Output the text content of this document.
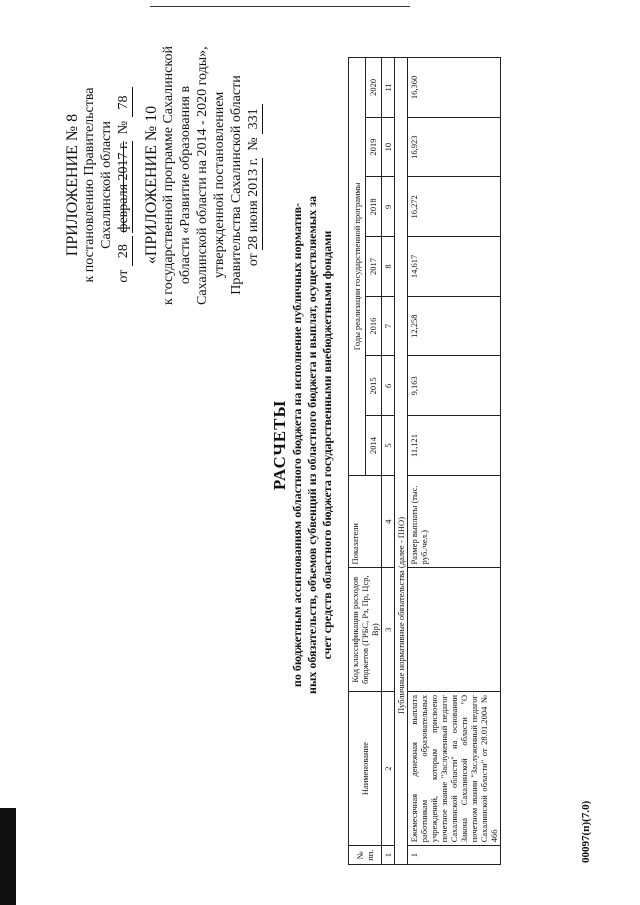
ПРИЛОЖЕНИЕ № 8 к постановлению Правительства Сахалинской области
от 28 февраля 2017 г.  № 78
«ПРИЛОЖЕНИЕ № 10 к государственной программе Сахалинской области «Развитие образования в Сахалинской области на 2014 - 2020 годы», утвержденной постановлением Правительства Сахалинской области от 28 июня 2013 г.  № 331
РАСЧЕТЫ по бюджетным ассигнованиям областного бюджета на исполнение публичных норматив- ных обязательств, объемов субвенций из областного бюджета и выплат, осуществляемых за счет средств областного бюджета государственными внебюджетными фондами
№ пп.	Наименование	Код классификации расходов бюджетов (ГРБС, Рз, Пр, Цср, Вр)	Показатели	Годы реализации государственной программы						
				2014	2015	2016	2017	2018	2019	2020
1	2	3	4	5	6	7	8	9	10	11
Публичные нормативные обязательства (далее - ПНО)										
1	Ежемесячная денежная выплата работникам образовательных учреждений, которым присвоено почетное звание "Заслуженный педагог Сахалинской области" на основании Закона Сахалинской области "О почетном звании "Заслуженный педагог Сахалинской области" от 28.01.2004 № 466		Размер выплаты (тыс. руб./чел.)	11,121	9,163	12,258	14,617	16,272	16,923	16,360
00097(п)(7.0)
